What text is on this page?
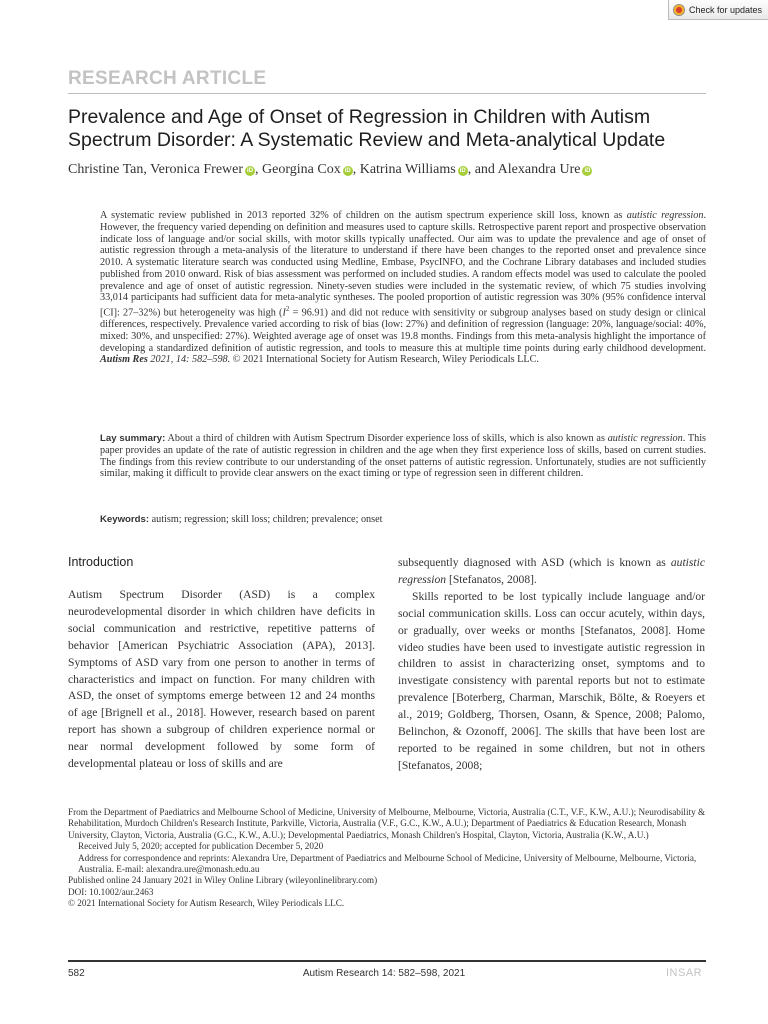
Check for updates
RESEARCH ARTICLE
Prevalence and Age of Onset of Regression in Children with Autism Spectrum Disorder: A Systematic Review and Meta-analytical Update
Christine Tan, Veronica Frewer iD , Georgina Cox iD , Katrina Williams iD , and Alexandra Ure iD
A systematic review published in 2013 reported 32% of children on the autism spectrum experience skill loss, known as autistic regression. However, the frequency varied depending on definition and measures used to capture skills. Retrospective parent report and prospective observation indicate loss of language and/or social skills, with motor skills typically unaffected. Our aim was to update the prevalence and age of onset of autistic regression through a meta-analysis of the literature to understand if there have been changes to the reported onset and prevalence since 2010. A systematic literature search was conducted using Medline, Embase, PsycINFO, and the Cochrane Library databases and included studies published from 2010 onward. Risk of bias assessment was performed on included studies. A random effects model was used to calculate the pooled prevalence and age of onset of autistic regression. Ninety-seven studies were included in the systematic review, of which 75 studies involving 33,014 participants had sufficient data for meta-analytic syntheses. The pooled proportion of autistic regression was 30% (95% confidence interval [CI]: 27–32%) but heterogeneity was high $(I^2 = 96.91)$ and did not reduce with sensitivity or subgroup analyses based on study design or clinical differences, respectively. Prevalence varied according to risk of bias (low: 27%) and definition of regression (language: 20%, language/social: 40%, mixed: 30%, and unspecified: 27%). Weighted average age of onset was 19.8 months. Findings from this meta-analysis highlight the importance of developing a standardized definition of autistic regression, and tools to measure this at multiple time points during early childhood development. Autism Res 2021, 14: 582–598. © 2021 International Society for Autism Research, Wiley Periodicals LLC.
Lay summary: About a third of children with Autism Spectrum Disorder experience loss of skills, which is also known as autistic regression. This paper provides an update of the rate of autistic regression in children and the age when they first experience loss of skills, based on current studies. The findings from this review contribute to our understanding of the onset patterns of autistic regression. Unfortunately, studies are not sufficiently similar, making it difficult to provide clear answers on the exact timing or type of regression seen in different children.
Keywords: autism; regression; skill loss; children; prevalence; onset
Introduction

Autism Spectrum Disorder (ASD) is a complex neurodevelopmental disorder in which children have deficits in social communication and restrictive, repetitive patterns of behavior [American Psychiatric Association (APA), 2013]. Symptoms of ASD vary from one person to another in terms of characteristics and impact on function. For many children with ASD, the onset of symptoms emerge between 12 and 24 months of age [Brignell et al., 2018]. However, research based on parent report has shown a subgroup of children experience normal or near normal development followed by some form of developmental plateau or loss of skills and are

subsequently diagnosed with ASD (which is known as autistic regression [Stefanatos, 2008].

Skills reported to be lost typically include language and/or social communication skills. Loss can occur acutely, within days, or gradually, over weeks or months [Stefanatos, 2008]. Home video studies have been used to investigate autistic regression in children to assist in characterizing onset, symptoms and to investigate consistency with parental reports but not to estimate prevalence [Boterberg, Charman, Marschik, Bölte, & Roeyers et al., 2019; Goldberg, Thorsen, Osann, & Spence, 2008; Palomo, Belinchon, & Ozonoff, 2006]. The skills that have been lost are reported to be regained in some children, but not in others [Stefanatos, 2008;

From the Department of Paediatrics and Melbourne School of Medicine, University of Melbourne, Melbourne, Victoria, Australia (C.T., V.F., K.W., A.U.); Neurodisability & Rehabilitation, Murdoch Children's Research Institute, Parkville, Victoria, Australia (V.F., G.C., K.W., A.U.); Department of Paediatrics & Education Research, Monash University, Clayton, Victoria, Australia (G.C., K.W., A.U.); Developmental Paediatrics, Monash Children's Hospital, Clayton, Victoria, Australia (K.W., A.U.)

Received July 5, 2020; accepted for publication December 5, 2020

Address for correspondence and reprints: Alexandra Ure, Department of Paediatrics and Melbourne School of Medicine, University of Melbourne, Melbourne, Victoria, Australia. E-mail: alexandra.ure@monash.edu.au

Published online 24 January 2021 in Wiley Online Library (wileyonlinelibrary.com)

DOI: 10.1002/aur.2463

© 2021 International Society for Autism Research, Wiley Periodicals LLC.

Autism Research 14: 582–598, 2021
582	INSAR
